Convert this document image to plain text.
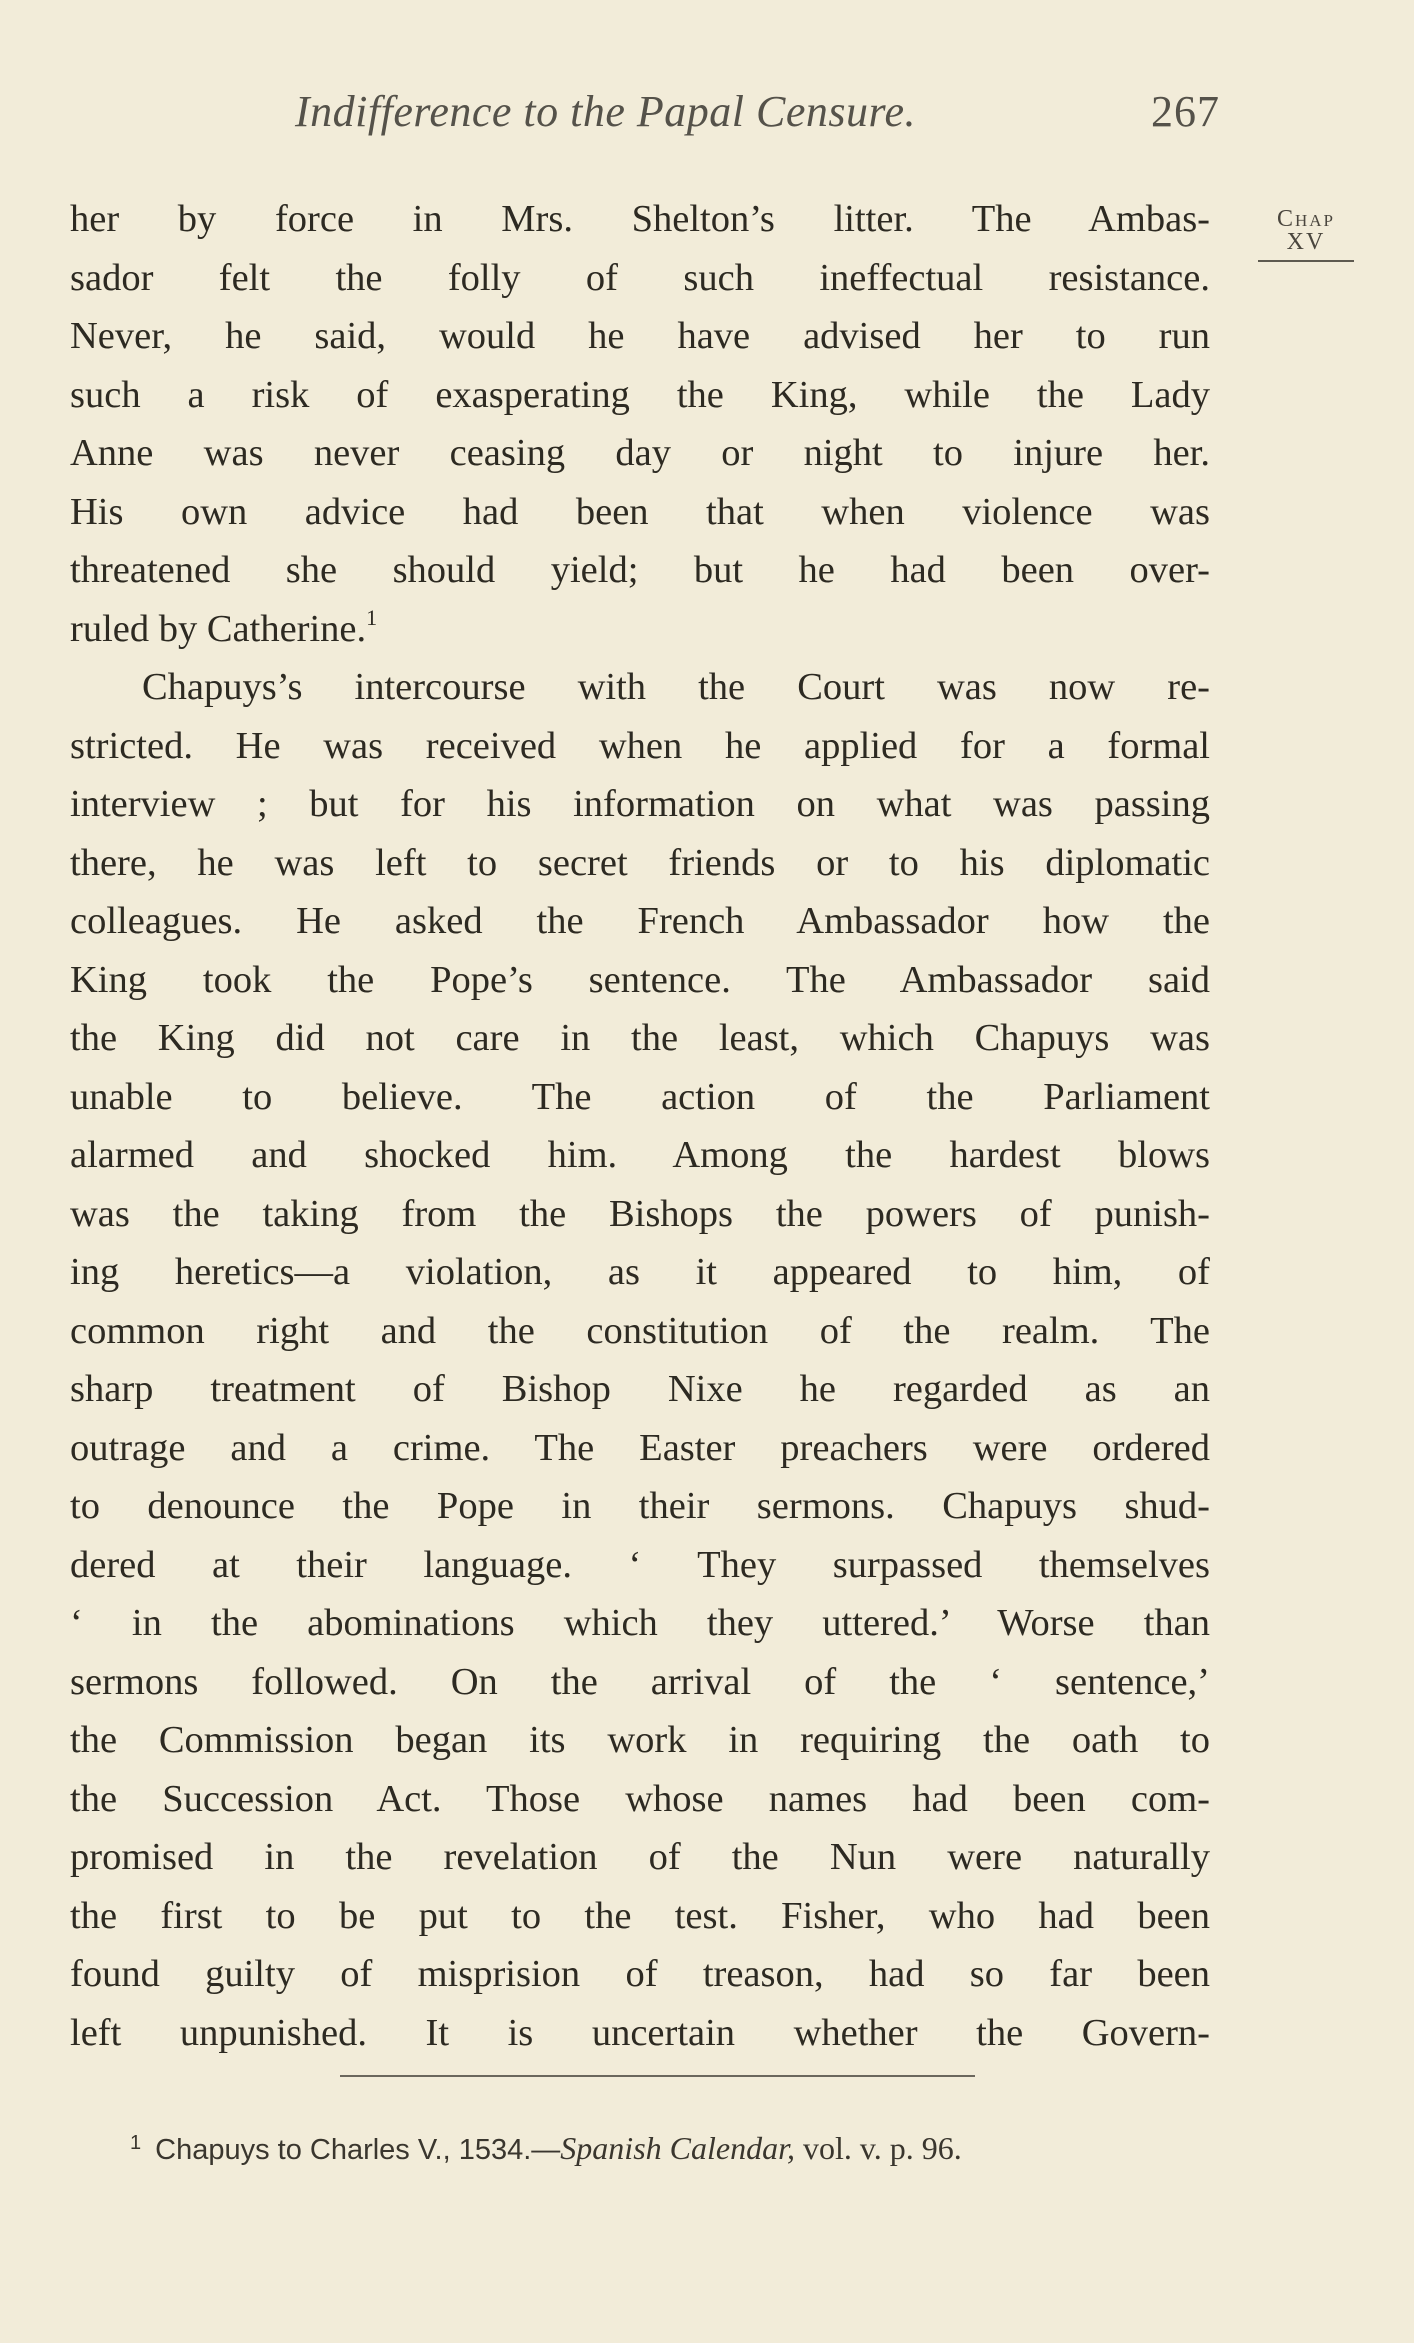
Indifference to the Papal Censure.	267
Chap
XV
her by force in Mrs. Shelton’s litter. The Ambas-
sador felt the folly of such ineffectual resistance.
Never, he said, would he have advised her to run
such a risk of exasperating the King, while the Lady
Anne was never ceasing day or night to injure her.
His own advice had been that when violence was
threatened she should yield; but he had been over-
ruled by Catherine.$^1$
Chapuys’s intercourse with the Court was now re-
stricted. He was received when he applied for a formal
interview ; but for his information on what was passing
there, he was left to secret friends or to his diplomatic
colleagues. He asked the French Ambassador how the
King took the Pope’s sentence. The Ambassador said
the King did not care in the least, which Chapuys was
unable to believe. The action of the Parliament
alarmed and shocked him. Among the hardest blows
was the taking from the Bishops the powers of punish-
ing heretics—a violation, as it appeared to him, of
common right and the constitution of the realm. The
sharp treatment of Bishop Nixe he regarded as an
outrage and a crime. The Easter preachers were ordered
to denounce the Pope in their sermons. Chapuys shud-
dered at their language. ‘ They surpassed themselves
‘ in the abominations which they uttered.’ Worse than
sermons followed. On the arrival of the ‘ sentence,’
the Commission began its work in requiring the oath to
the Succession Act. Those whose names had been com-
promised in the revelation of the Nun were naturally
the first to be put to the test. Fisher, who had been
found guilty of misprision of treason, had so far been
left unpunished. It is uncertain whether the Govern-
$^1$ Chapuys to Charles V., 1534.—Spanish Calendar, vol. v. p. 96.
